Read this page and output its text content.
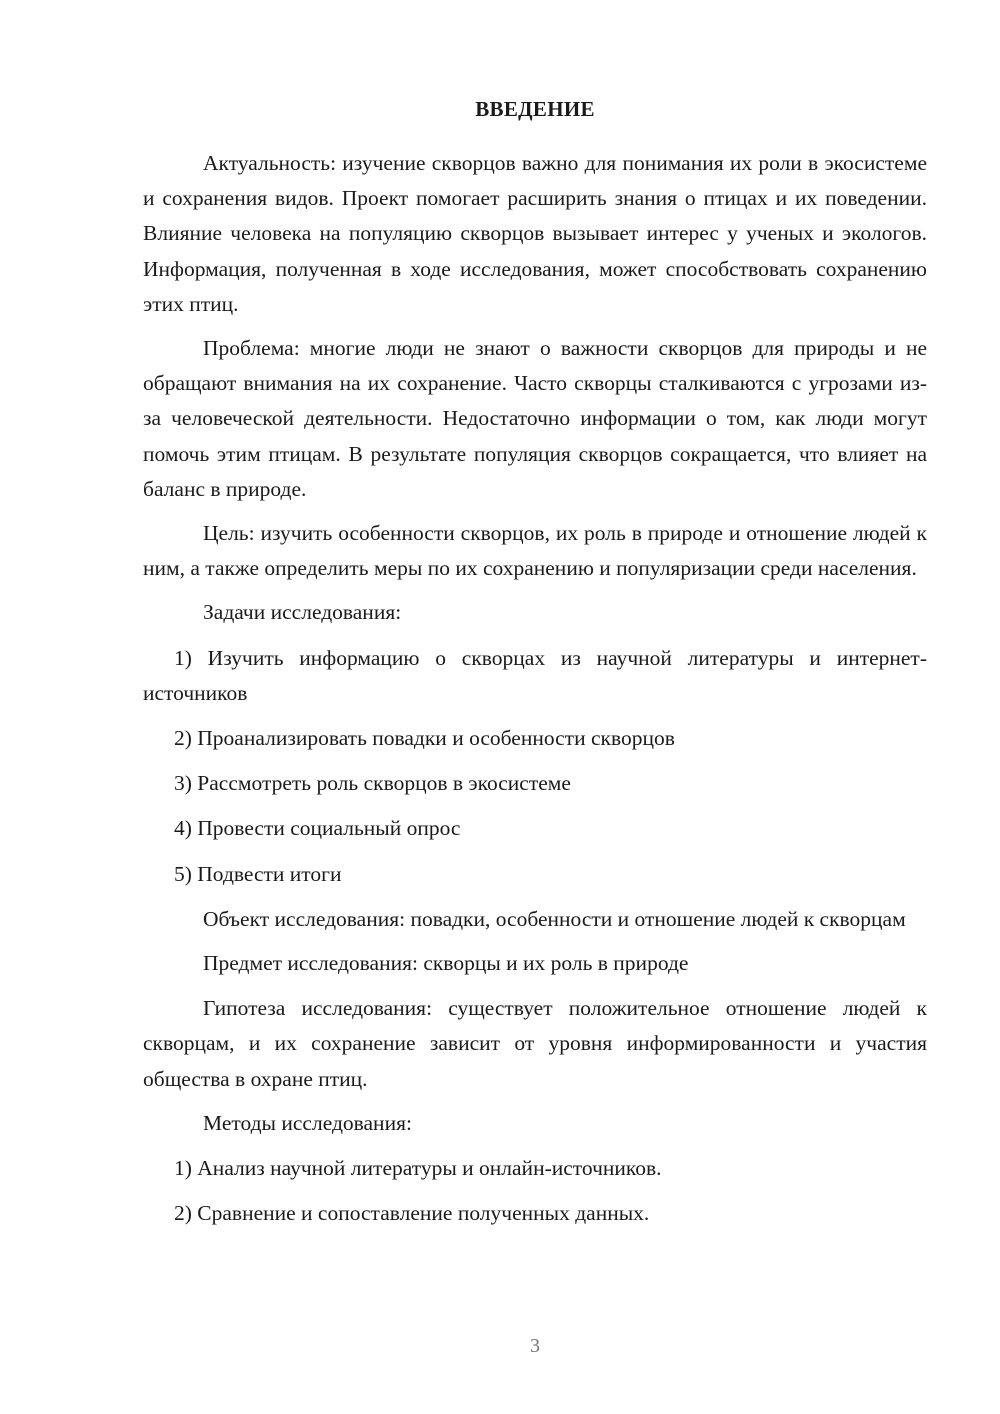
ВВЕДЕНИЕ

Актуальность: изучение скворцов важно для понимания их роли в экосистеме и сохранения видов. Проект помогает расширить знания о птицах и их поведении. Влияние человека на популяцию скворцов вызывает интерес у ученых и экологов. Информация, полученная в ходе исследования, может способствовать сохранению этих птиц.

Проблема: многие люди не знают о важности скворцов для природы и не обращают внимания на их сохранение. Часто скворцы сталкиваются с угрозами из-за человеческой деятельности. Недостаточно информации о том, как люди могут помочь этим птицам. В результате популяция скворцов сокращается, что влияет на баланс в природе.

Цель: изучить особенности скворцов, их роль в природе и отношение людей к ним, а также определить меры по их сохранению и популяризации среди населения.

Задачи исследования:

1) Изучить информацию о скворцах из научной литературы и интернет-источников

2) Проанализировать повадки и особенности скворцов

3) Рассмотреть роль скворцов в экосистеме

4) Провести социальный опрос

5) Подвести итоги

Объект исследования: повадки, особенности и отношение людей к скворцам

Предмет исследования: скворцы и их роль в природе

Гипотеза исследования: существует положительное отношение людей к скворцам, и их сохранение зависит от уровня информированности и участия общества в охране птиц.

Методы исследования:

1) Анализ научной литературы и онлайн-источников.

2) Сравнение и сопоставление полученных данных.

3
